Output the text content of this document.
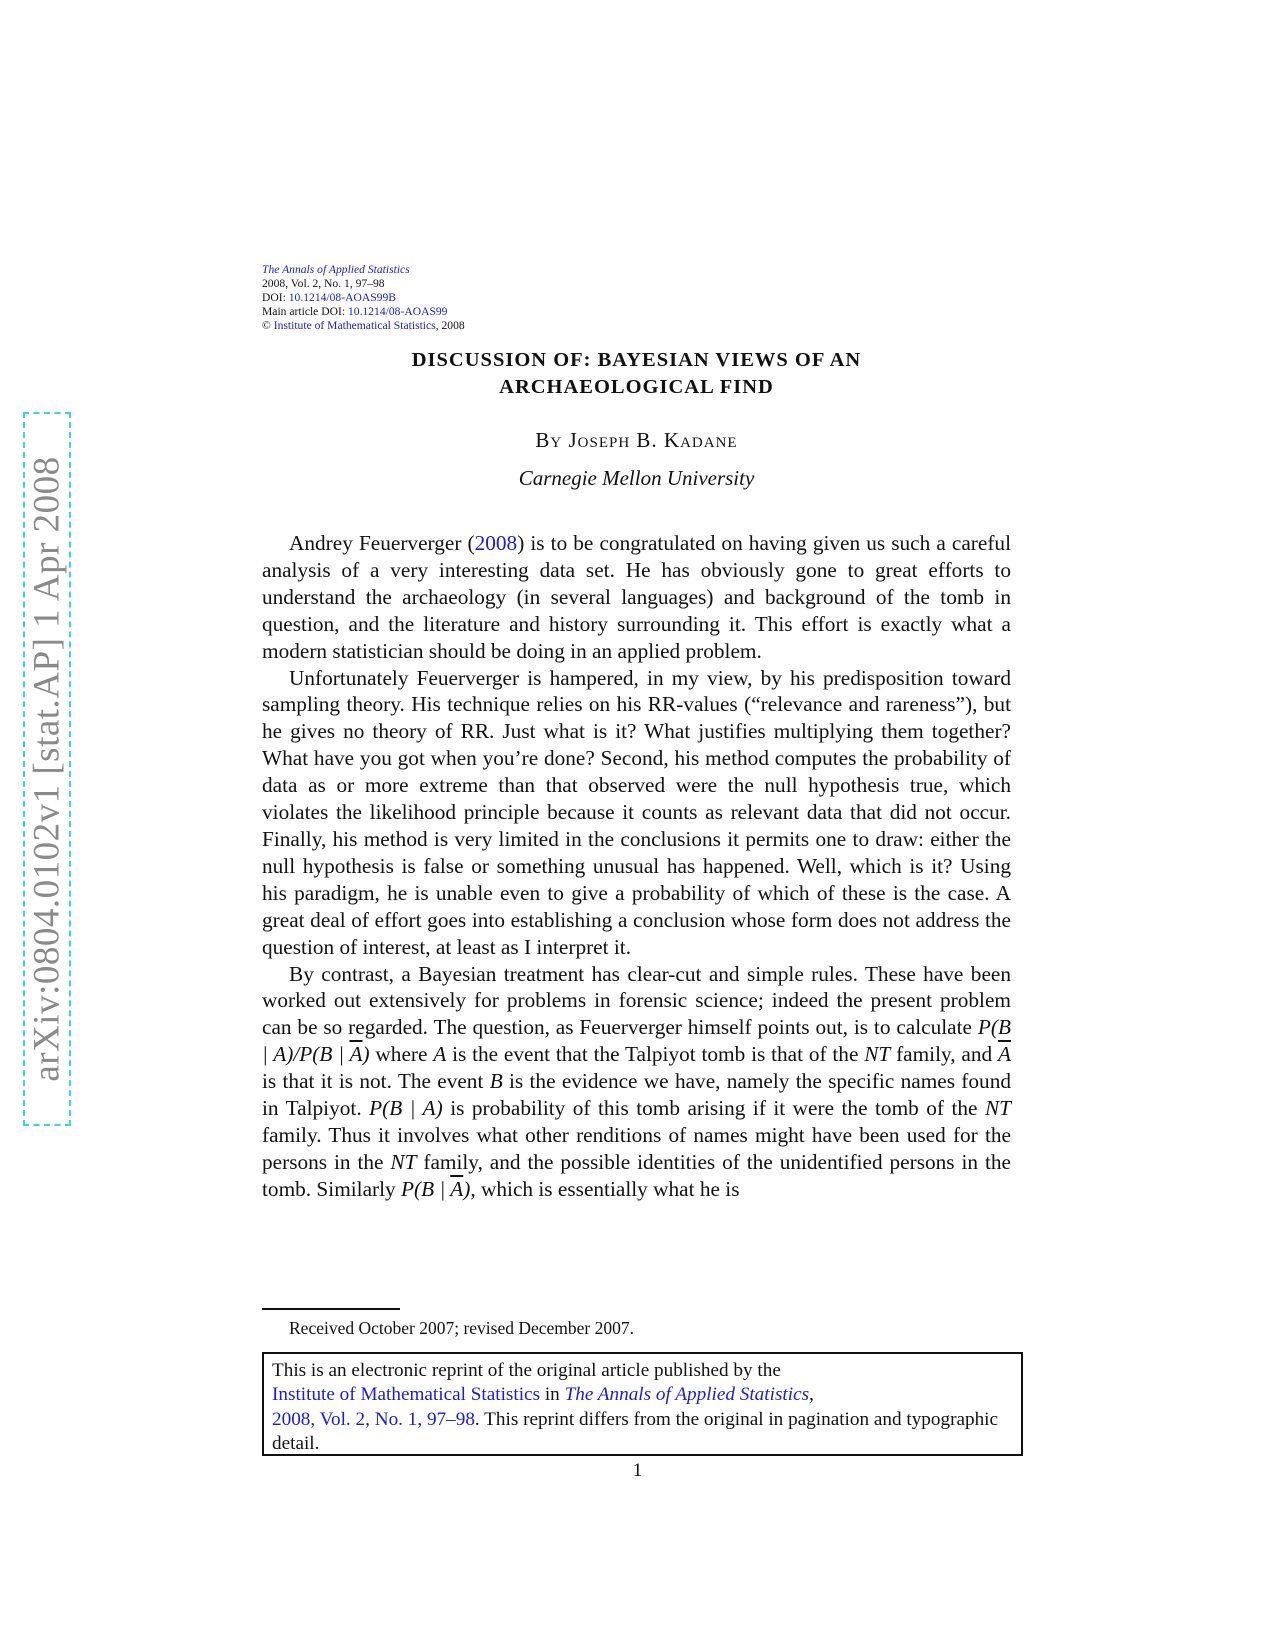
arXiv:0804.0102v1 [stat.AP] 1 Apr 2008
The Annals of Applied Statistics
2008, Vol. 2, No. 1, 97–98
DOI: 10.1214/08-AOAS99B
Main article DOI: 10.1214/08-AOAS99
© Institute of Mathematical Statistics, 2008
DISCUSSION OF: BAYESIAN VIEWS OF AN
ARCHAEOLOGICAL FIND
By Joseph B. Kadane
Carnegie Mellon University

Andrey Feuerverger (2008) is to be congratulated on having given us such a careful analysis of a very interesting data set. He has obviously gone to great efforts to understand the archaeology (in several languages) and background of the tomb in question, and the literature and history surrounding it. This effort is exactly what a modern statistician should be doing in an applied problem.

Unfortunately Feuerverger is hampered, in my view, by his predisposition toward sampling theory. His technique relies on his RR-values (“relevance and rareness”), but he gives no theory of RR. Just what is it? What justifies multiplying them together? What have you got when you’re done? Second, his method computes the probability of data as or more extreme than that observed were the null hypothesis true, which violates the likelihood principle because it counts as relevant data that did not occur. Finally, his method is very limited in the conclusions it permits one to draw: either the null hypothesis is false or something unusual has happened. Well, which is it? Using his paradigm, he is unable even to give a probability of which of these is the case. A great deal of effort goes into establishing a conclusion whose form does not address the question of interest, at least as I interpret it.

By contrast, a Bayesian treatment has clear-cut and simple rules. These have been worked out extensively for problems in forensic science; indeed the present problem can be so regarded. The question, as Feuerverger himself points out, is to calculate P(B | A)/P(B | $\overline{A}$) where A is the event that the Talpiyot tomb is that of the NT family, and $\overline{A}$ is that it is not. The event B is the evidence we have, namely the specific names found in Talpiyot. P(B | A) is probability of this tomb arising if it were the tomb of the NT family. Thus it involves what other renditions of names might have been used for the persons in the NT family, and the possible identities of the unidentified persons in the tomb. Similarly P(B | $\overline{A}$), which is essentially what he is

Received October 2007; revised December 2007.
This is an electronic reprint of the original article published by the
Institute of Mathematical Statistics in The Annals of Applied Statistics,
2008, Vol. 2, No. 1, 97–98. This reprint differs from the original in pagination and typographic detail.
1
